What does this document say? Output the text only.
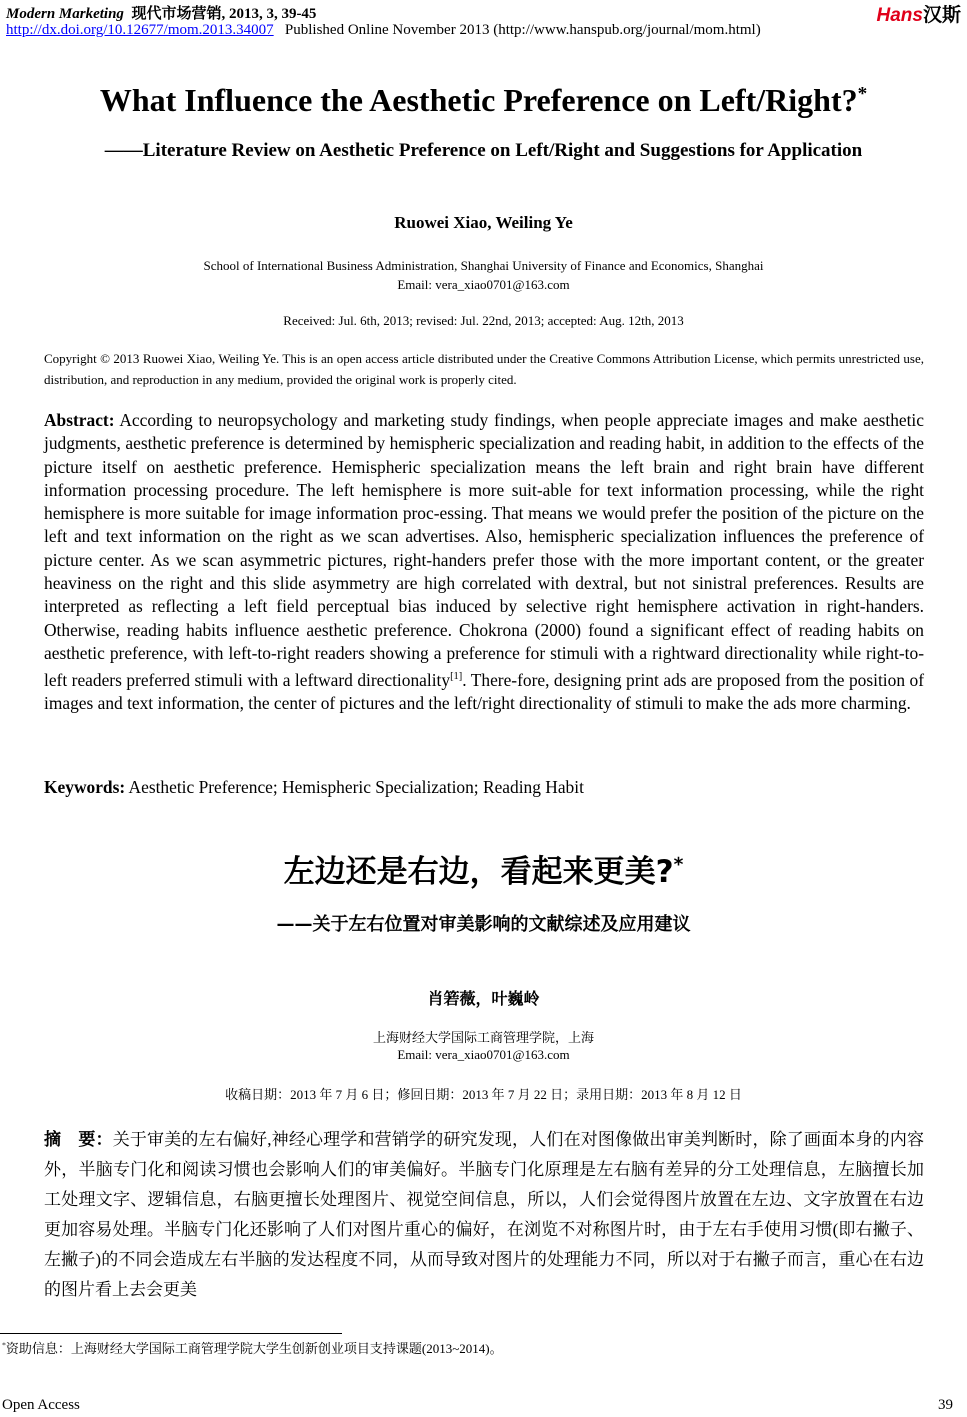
Modern Marketing 现代市场营销, 2013, 3, 39-45
http://dx.doi.org/10.12677/mom.2013.34007 Published Online November 2013 (http://www.hanspub.org/journal/mom.html)
Hans汉斯
What Influence the Aesthetic Preference on Left/Right?*
——Literature Review on Aesthetic Preference on Left/Right and Suggestions for Application
Ruowei Xiao, Weiling Ye
School of International Business Administration, Shanghai University of Finance and Economics, Shanghai
Email: vera_xiao0701@163.com
Received: Jul. 6th, 2013; revised: Jul. 22nd, 2013; accepted: Aug. 12th, 2013
Copyright © 2013 Ruowei Xiao, Weiling Ye. This is an open access article distributed under the Creative Commons Attribution License, which permits unrestricted use, distribution, and reproduction in any medium, provided the original work is properly cited.
Abstract: According to neuropsychology and marketing study findings, when people appreciate images and make aesthetic judgments, aesthetic preference is determined by hemispheric specialization and reading habit, in addition to the effects of the picture itself on aesthetic preference. Hemispheric specialization means the left brain and right brain have different information processing procedure. The left hemisphere is more suit-able for text information processing, while the right hemisphere is more suitable for image information proc-essing. That means we would prefer the position of the picture on the left and text information on the right as we scan advertises. Also, hemispheric specialization influences the preference of picture center. As we scan asymmetric pictures, right-handers prefer those with the more important content, or the greater heaviness on the right and this slide asymmetry are high correlated with dextral, but not sinistral preferences. Results are interpreted as reflecting a left field perceptual bias induced by selective right hemisphere activation in right-handers. Otherwise, reading habits influence aesthetic preference. Chokrona (2000) found a significant effect of reading habits on aesthetic preference, with left-to-right readers showing a preference for stimuli with a rightward directionality while right-to-left readers preferred stimuli with a leftward directionality[1]. There-fore, designing print ads are proposed from the position of images and text information, the center of pictures and the left/right directionality of stimuli to make the ads more charming.
Keywords: Aesthetic Preference; Hemispheric Specialization; Reading Habit
左边还是右边，看起来更美?*
——关于左右位置对审美影响的文献综述及应用建议
肖箬薇，叶巍岭
上海财经大学国际工商管理学院，上海
Email: vera_xiao0701@163.com
收稿日期：2013 年 7 月 6 日；修回日期：2013 年 7 月 22 日；录用日期：2013 年 8 月 12 日
摘　要：关于审美的左右偏好,神经心理学和营销学的研究发现，人们在对图像做出审美判断时，除了画面本身的内容外，半脑专门化和阅读习惯也会影响人们的审美偏好。半脑专门化原理是左右脑有差异的分工处理信息，左脑擅长加工处理文字、逻辑信息，右脑更擅长处理图片、视觉空间信息，所以，人们会觉得图片放置在左边、文字放置在右边更加容易处理。半脑专门化还影响了人们对图片重心的偏好，在浏览不对称图片时，由于左右手使用习惯(即右撇子、左撇子)的不同会造成左右半脑的发达程度不同，从而导致对图片的处理能力不同，所以对于右撇子而言，重心在右边的图片看上去会更美
*资助信息：上海财经大学国际工商管理学院大学生创新创业项目支持课题(2013~2014)。
Open Access	39
